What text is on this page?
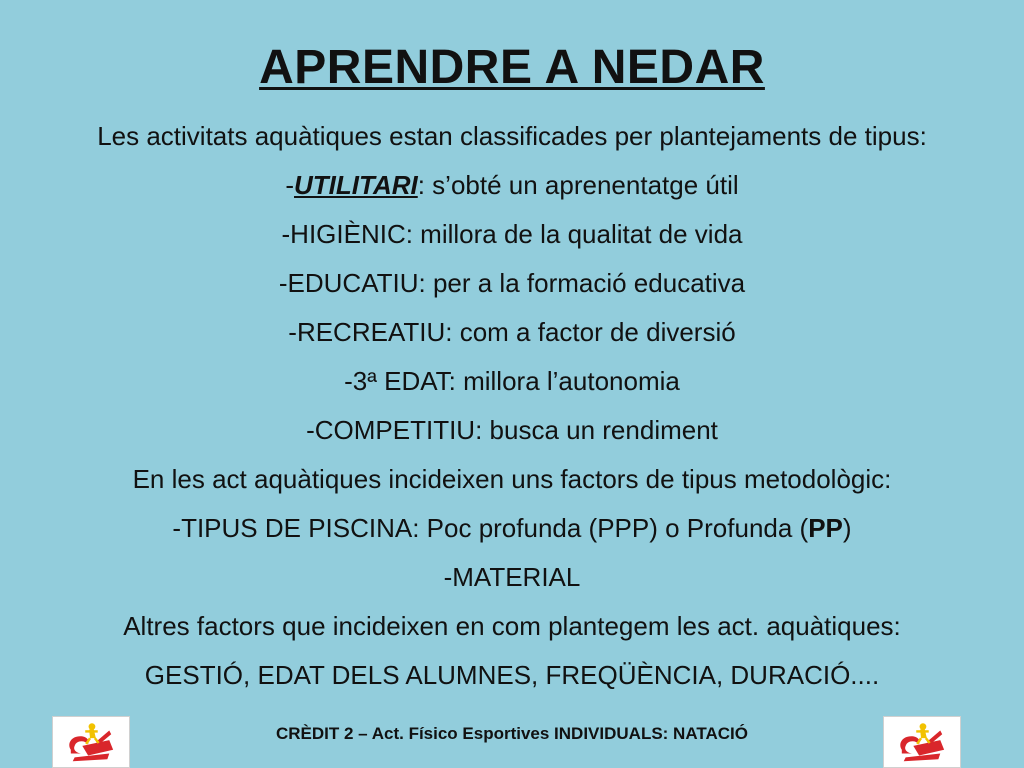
APRENDRE A NEDAR
Les activitats aquàtiques estan classificades per plantejaments de tipus:
-UTILITARI: s’obté un aprenentatge útil
-HIGIÈNIC: millora de la qualitat de vida
-EDUCATIU: per a la formació educativa
-RECREATIU: com a factor de diversió
-3ª EDAT: millora l’autonomia
-COMPETITIU: busca un rendiment
En les act aquàtiques incideixen uns factors de tipus metodològic:
-TIPUS DE PISCINA: Poc profunda (PPP) o Profunda (PP)
-MATERIAL
Altres factors que incideixen en com plantegem les act. aquàtiques:
GESTIÓ, EDAT DELS ALUMNES, FREQÜÈNCIA, DURACIÓ....
CRÈDIT 2 – Act. Físico Esportives INDIVIDUALS: NATACIÓ
